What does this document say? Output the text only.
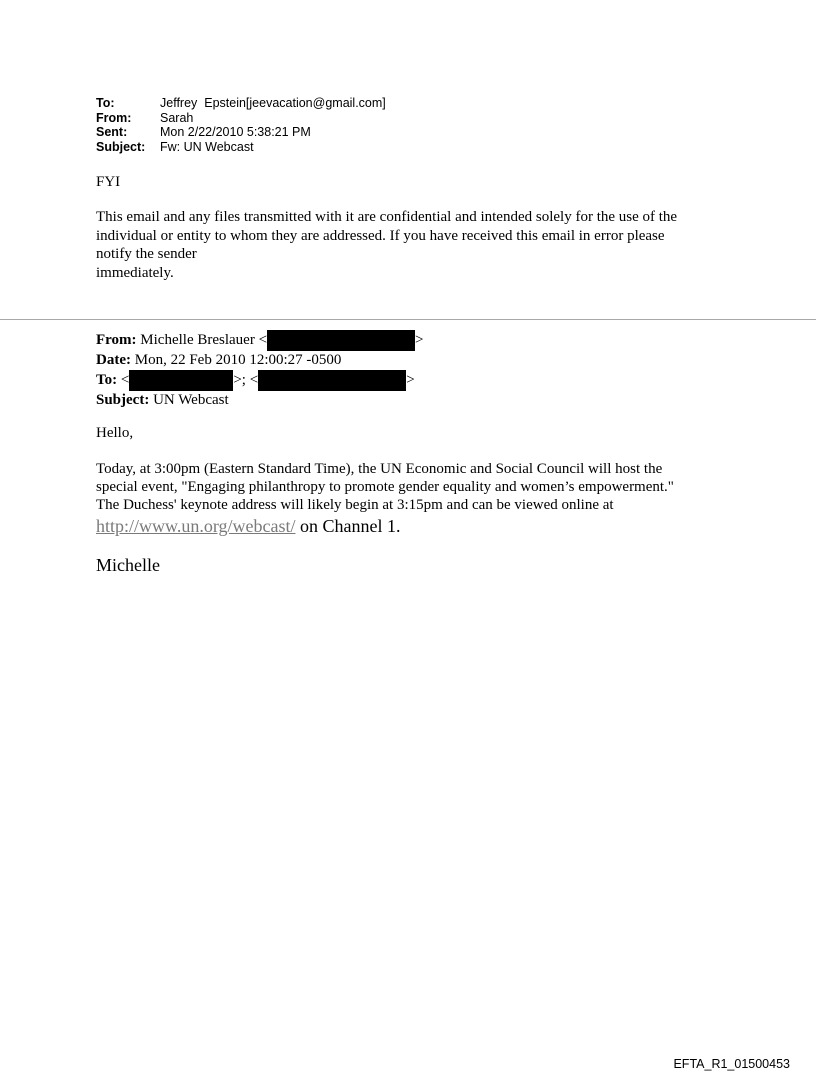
To:	Jeffrey  Epstein[jeevacation@gmail.com]
From:	Sarah
Sent:	Mon 2/22/2010 5:38:21 PM
Subject:	Fw: UN Webcast
FYI
This email and any files transmitted with it are confidential and intended solely for the use of the
individual or entity to whom they are addressed. If you have received this email in error please
notify the sender
immediately.
From: Michelle Breslauer <	>
Date: Mon, 22 Feb 2010 12:00:27 -0500
To: <	>; <	>
Subject: UN Webcast
Hello,
Today, at 3:00pm (Eastern Standard Time), the UN Economic and Social Council will host the
special event, "Engaging philanthropy to promote gender equality and women’s empowerment."
The Duchess' keynote address will likely begin at 3:15pm and can be viewed online at
http://www.un.org/webcast/ on Channel 1.
Michelle
EFTA_R1_01500453
